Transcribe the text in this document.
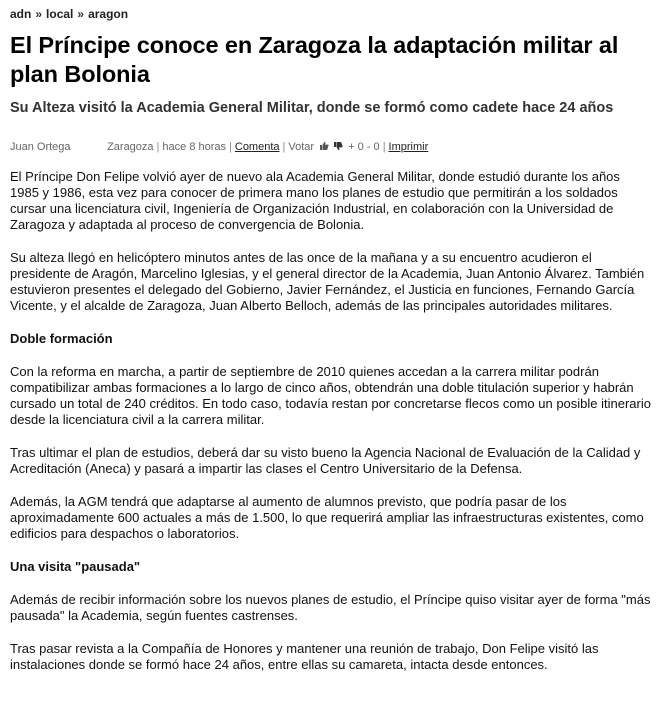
adn » local » aragon
El Príncipe conoce en Zaragoza la adaptación militar al plan Bolonia
Su Alteza visitó la Academia General Militar, donde se formó como cadete hace 24 años
Juan Ortega	Zaragoza | hace 8 horas | Comenta | Votar	+ 0 - 0 | Imprimir

El Príncipe Don Felipe volvió ayer de nuevo ala Academia General Militar, donde estudió durante los años 1985 y 1986, esta vez para conocer de primera mano los planes de estudio que permitirán a los soldados cursar una licenciatura civil, Ingeniería de Organización Industrial, en colaboración con la Universidad de Zaragoza y adaptada al proceso de convergencia de Bolonia.

Su alteza llegó en helicóptero minutos antes de las once de la mañana y a su encuentro acudieron el presidente de Aragón, Marcelino Iglesias, y el general director de la Academia, Juan Antonio Álvarez. También estuvieron presentes el delegado del Gobierno, Javier Fernández, el Justicia en funciones, Fernando García Vicente, y el alcalde de Zaragoza, Juan Alberto Belloch, además de las principales autoridades militares.

Doble formación

Con la reforma en marcha, a partir de septiembre de 2010 quienes accedan a la carrera militar podrán compatibilizar ambas formaciones a lo largo de cinco años, obtendrán una doble titulación superior y habrán cursado un total de 240 créditos. En todo caso, todavía restan por concretarse flecos como un posible itinerario desde la licenciatura civil a la carrera militar.

Tras ultimar el plan de estudios, deberá dar su visto bueno la Agencia Nacional de Evaluación de la Calidad y Acreditación (Aneca) y pasará a impartir las clases el Centro Universitario de la Defensa.

Además, la AGM tendrá que adaptarse al aumento de alumnos previsto, que podría pasar de los aproximadamente 600 actuales a más de 1.500, lo que requerirá ampliar las infraestructuras existentes, como edificios para despachos o laboratorios.

Una visita "pausada"

Además de recibir información sobre los nuevos planes de estudio, el Príncipe quiso visitar ayer de forma "más pausada" la Academia, según fuentes castrenses.

Tras pasar revista a la Compañía de Honores y mantener una reunión de trabajo, Don Felipe visitó las instalaciones donde se formó hace 24 años, entre ellas su camareta, intacta desde entonces.
